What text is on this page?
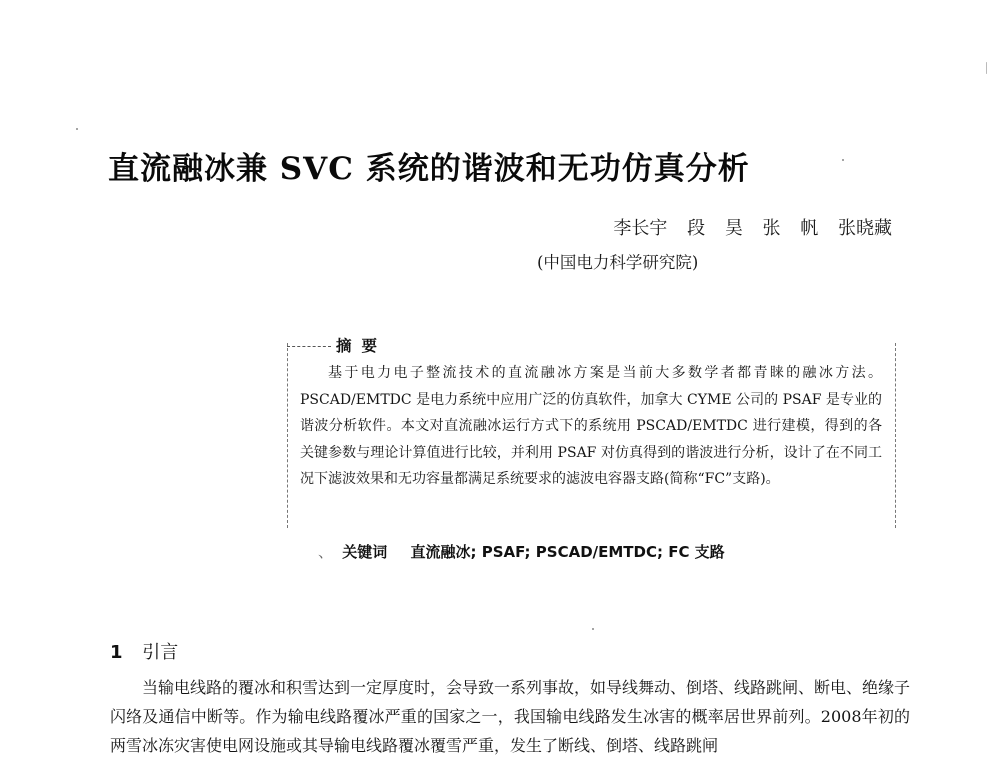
直流融冰兼 SVC 系统的谐波和无功仿真分析
李长宇 段 昊 张 帆 张晓藏
(中国电力科学研究院)
摘要
基于电力电子整流技术的直流融冰方案是当前大多数学者都青睐的融冰方法。PSCAD/EMTDC 是电力系统中应用广泛的仿真软件，加拿大 CYME 公司的 PSAF 是专业的谐波分析软件。本文对直流融冰运行方式下的系统用 PSCAD/EMTDC 进行建模，得到的各关键参数与理论计算值进行比较，并利用 PSAF 对仿真得到的谐波进行分析，设计了在不同工况下滤波效果和无功容量都满足系统要求的滤波电容器支路(简称“FC”支路)。
、 关键词 直流融冰; PSAF; PSCAD/EMTDC; FC 支路
1 引言
当输电线路的覆冰和积雪达到一定厚度时，会导致一系列事故，如导线舞动、倒塔、线路跳闸、断电、绝缘子闪络及通信中断等。作为输电线路覆冰严重的国家之一，我国输电线路发生冰害的概率居世界前列。2008年初的两雪冰冻灾害使电网设施或其导输电线路覆冰覆雪严重，发生了断线、倒塔、线路跳闸
